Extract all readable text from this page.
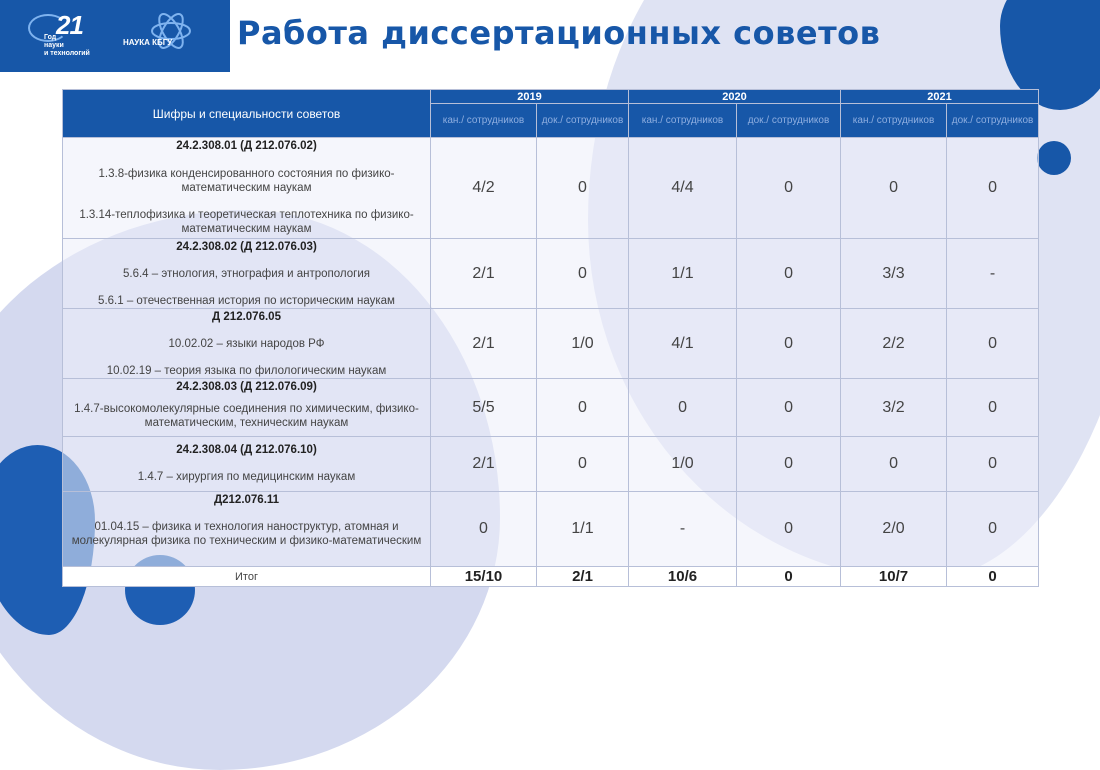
21
Год
науки
и технологий
НАУКА КБГУ Работа диссертационных советов
Шифры и специальности советов	2019		2020		2021	
	кан./ сотрудников	док./ сотрудников	кан./ сотрудников	док./ сотрудников	кан./ сотрудников	док./ сотрудников

24.2.308.01 (Д 212.076.02)
1.3.8-физика конденсированного состояния по физико-математическим наукам
1.3.14-теплофизика и теоретическая теплотехника по физико-математическим наукам	4/2	0	4/4	0	0	0

24.2.308.02 (Д 212.076.03)
5.6.4 – этнология, этнография и антропология
5.6.1 – отечественная история по историческим наукам	2/1	0	1/1	0	3/3	-

Д 212.076.05
10.02.02 – языки народов РФ
10.02.19 – теория языка по филологическим наукам	2/1	1/0	4/1	0	2/2	0

24.2.308.03 (Д 212.076.09)
1.4.7-высокомолекулярные соединения по химическим, физико-математическим, техническим наукам	5/5	0	0	0	3/2	0

24.2.308.04 (Д 212.076.10)
1.4.7 – хирургия по медицинским наукам	2/1	0	1/0	0	0	0

Д212.076.11
01.04.15 – физика и технология наноструктур, атомная и молекулярная физика по техническим и физико-математическим	0	1/1	-	0	2/0	0
Итог	15/10	2/1	10/6	0	10/7	0
